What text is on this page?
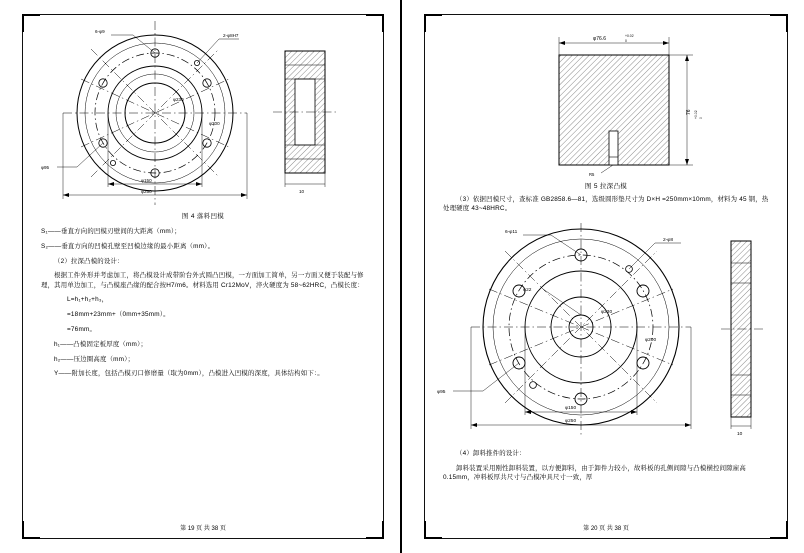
2-φ8H7
6-φ9
φ95
φ150
φ250
φ200
φ230
10
图 4 落料凹模

S₁——垂直方向的凹模刃壁间的大距离（mm）；

S₂——垂直方向的凹模孔壁至凹模边缘的最小距离（mm）。

（2）拉深凸模的设计：

根据工件外形并考虑加工，将凸模设计成带阶台外式圆凸凹模，一方面加工简单，另一方面又便于装配与修理，其用单边加工，与凸模座凸缘的配合按H7/m6。材料选用 Cr12MoV，淬火硬度为 58~62HRC，凸模长度：

L=h₁+h₂+h₃，

=18mm+23mm+（0mm+35mm）。

=76mm。

h₁——凸模固定板厚度（mm）；

h₂——压边圈高度（mm）；

Y——附加长度，包括凸模刃口修磨量（取为0mm），凸模进入凹模的深度，具体结构如下：。

第 19 页 共 38 页
φ76.6	+0.02
0
76 +0.02 0
R5
图 5 拉深凸模

（3）依据凹模尺寸，查标准 GB2858.6—81，选级圆形垫尺寸为 D×H =250mm×10mm，材料为 45 钢，热处理硬度 43~48HRC。

2-φ8
6-φ11
φ95
φ22
φ150
φ250
φ200
φ230
10

（4）卸料推件的设计：

卸料装置采用刚性卸料装置，以方便卸料，由于卸件力较小，故料板的孔侧间隙与凸模横控间隙雇高 0.15mm，冲料板厚共尺寸与凸模冲具尺寸一致，厚

第 20 页 共 38 页
